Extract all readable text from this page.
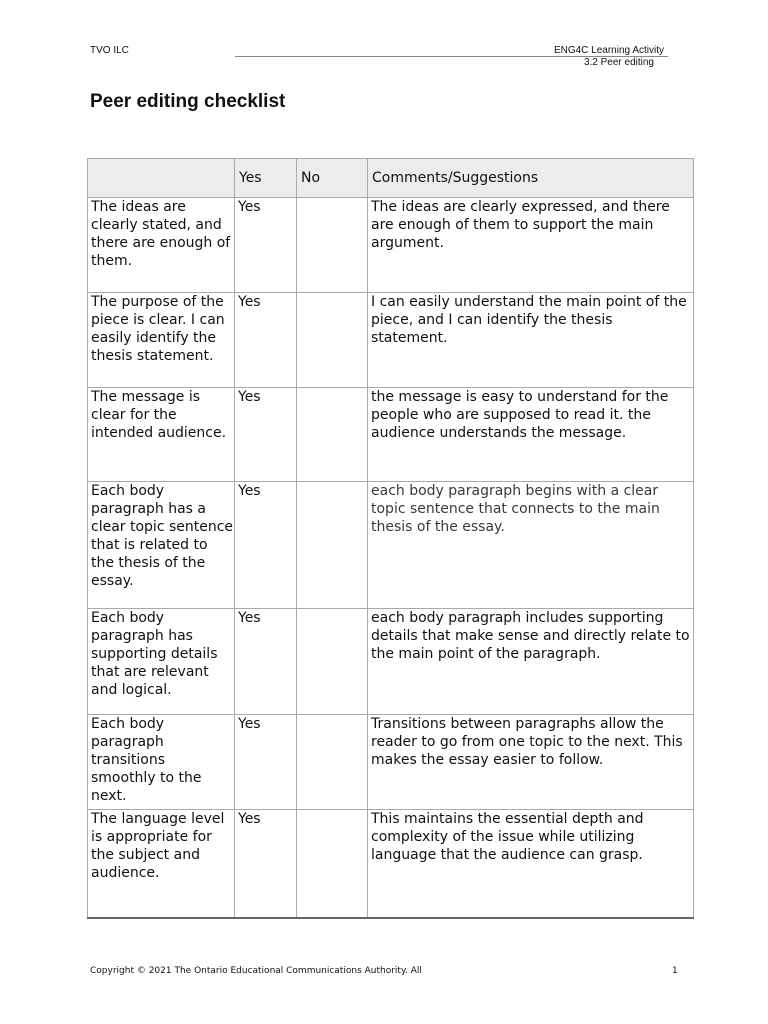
TVO ILC	ENG4C Learning Activity
3.2 Peer editing
Peer editing checklist
	Yes	No	Comments/Suggestions
The ideas are clearly stated, and there are enough of them.	Yes		The ideas are clearly expressed, and there are enough of them to support the main argument.
The purpose of the piece is clear. I can easily identify the thesis statement.	Yes		I can easily understand the main point of the piece, and I can identify the thesis statement.
The message is clear for the intended audience.	Yes		the message is easy to understand for the people who are supposed to read it. the audience understands the message.
Each body paragraph has a clear topic sentence that is related to the thesis of the essay.	Yes		each body paragraph begins with a clear topic sentence that connects to the main thesis of the essay.
Each body paragraph has supporting details that are relevant and logical.	Yes		each body paragraph includes supporting details that make sense and directly relate to the main point of the paragraph.
Each body paragraph transitions smoothly to the next.	Yes		Transitions between paragraphs allow the reader to go from one topic to the next. This makes the essay easier to follow.
The language level is appropriate for the subject and audience.	Yes		This maintains the essential depth and complexity of the issue while utilizing language that the audience can grasp.
Copyright © 2021 The Ontario Educational Communications Authority. All	1
